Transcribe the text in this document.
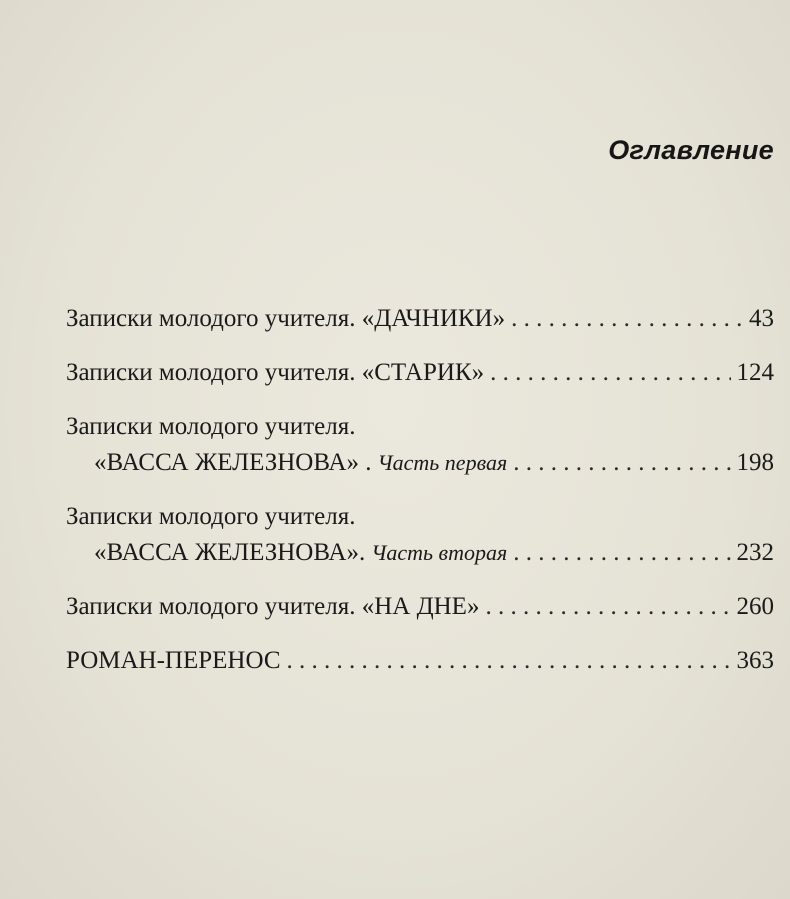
Оглавление
Записки молодого учителя. «ДАЧНИКИ» . . .	43
Записки молодого учителя. «СТАРИК» . . .	124
Записки молодого учителя.
«ВАССА ЖЕЛЕЗНОВА» . Часть первая . . .	198
Записки молодого учителя.
«ВАССА ЖЕЛЕЗНОВА». Часть вторая . . .	232
Записки молодого учителя. «НА ДНЕ» . . .	260
РОМАН-ПЕРЕНОС . . .	363
